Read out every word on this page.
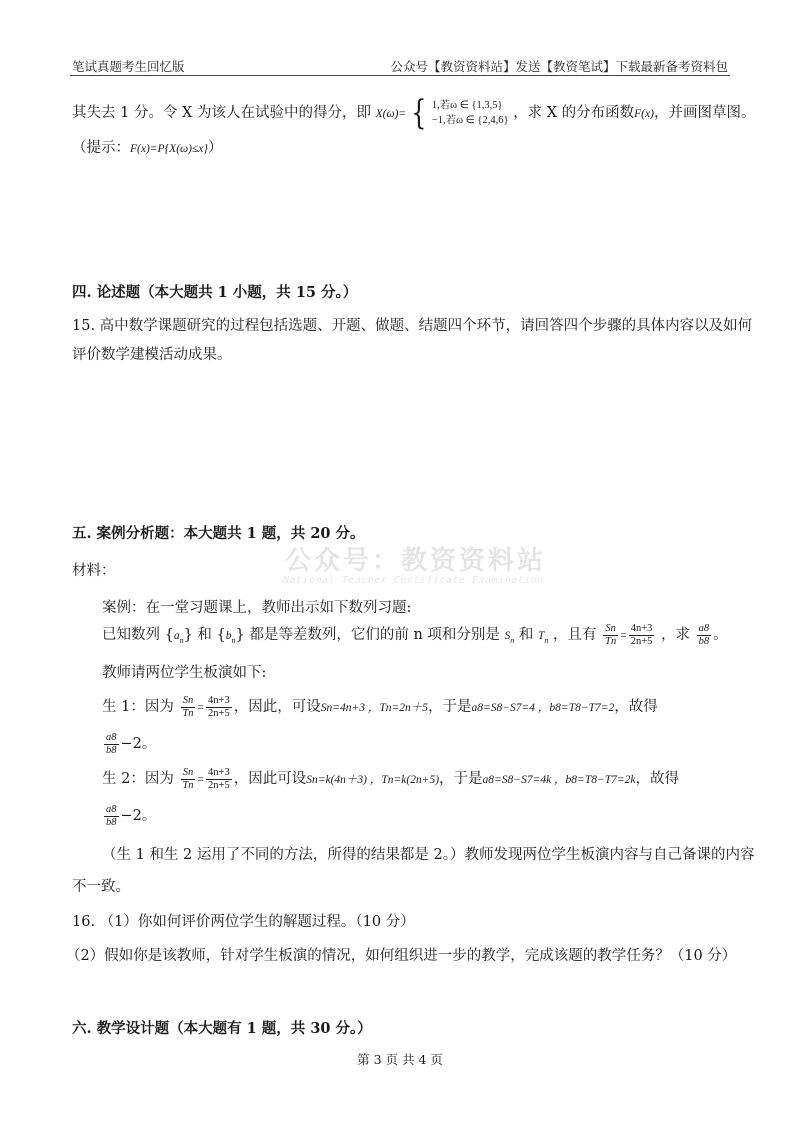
笔试真题考生回忆版	公众号【教资资料站】发送【教资笔试】下载最新备考资料包
其失去 1 分。令 X 为该人在试验中的得分，即 X(ω)= { 1,若ω ∈ {1,3,5}
−1,若ω ∈ {2,4,6} ，求 X 的分布函数F(x)，并画图草图。
（提示：F(x)=P{X(ω)≤x}）
四. 论述题（本大题共 1 小题，共 15 分。）
15. 高中数学课题研究的过程包括选题、开题、做题、结题四个环节，请回答四个步骤的具体内容以及如何
评价数学建模活动成果。
五. 案例分析题：本大题共 1 题，共 20 分。
公众号：教资资料站
National Teacher Certificate Examination
材料：
案例：在一堂习题课上，教师出示如下数列习题:
已知数列 $\{a_n\}$ 和 $\{b_n\}$ 都是等差数列，它们的前 n 项和分别是 $S_n$ 和 $T_n$ ，且有 $\frac{Sn}{Tn} = \frac{4n+3}{2n+5}$ ，求 $\frac{a8}{b8}$ 。
教师请两位学生板演如下:
生 1：因为 $\frac{Sn}{Tn} = \frac{4n+3}{2n+5}$ ，因此，可设Sn=4n+3 ，Tn=2n＋5，于是a8=S8−S7=4 ，b8=T8−T7=2，故得
$\frac{a8}{b8} -2$。
生 2：因为 $\frac{Sn}{Tn} = \frac{4n+3}{2n+5}$ ，因此可设Sn=k(4n＋3) ，Tn=k(2n+5)，于是a8=S8−S7=4k ，b8=T8−T7=2k，故得
$\frac{a8}{b8} -2$。
（生 1 和生 2 运用了不同的方法，所得的结果都是 2。）教师发现两位学生板演内容与自己备课的内容
不一致。
16. （1）你如何评价两位学生的解题过程。（10 分）
（2）假如你是该教师，针对学生板演的情况，如何组织进一步的教学，完成该题的教学任务？（10 分）
六. 教学设计题（本大题有 1 题，共 30 分。）
第 3 页 共 4 页
